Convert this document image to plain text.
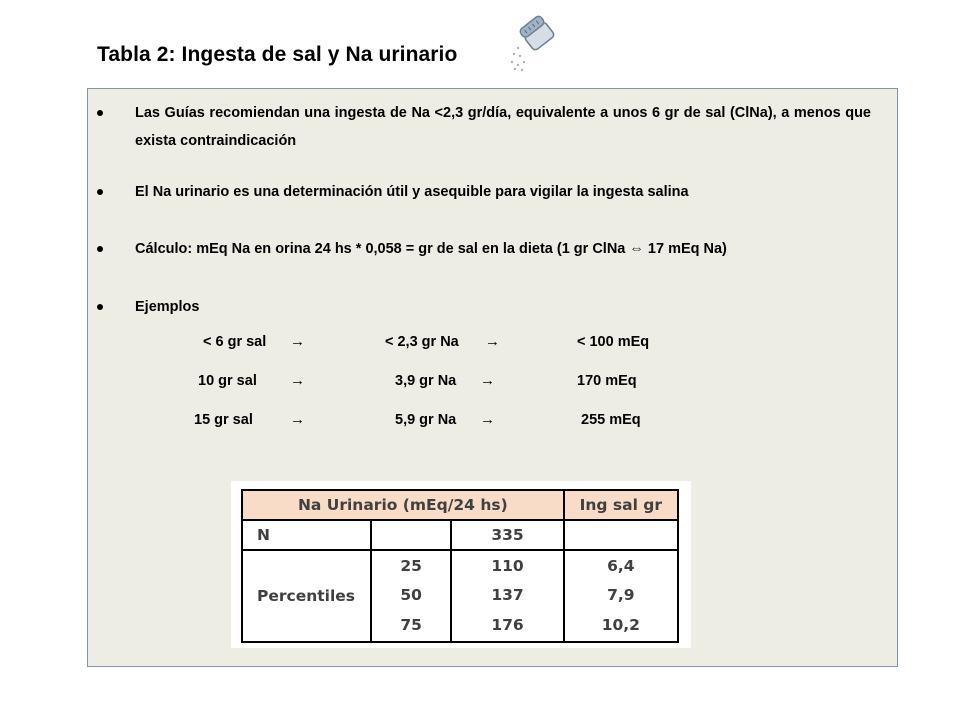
Tabla 2: Ingesta de sal y Na urinario
Las Guías recomiendan una ingesta de Na <2,3 gr/día, equivalente a unos 6 gr de sal (ClNa), a menos que exista contraindicación
El Na urinario es una determinación útil y asequible para vigilar la ingesta salina
Cálculo: mEq Na en orina 24 hs * 0,058 = gr de sal en la dieta (1 gr ClNa ⇔ 17 mEq Na)
Ejemplos
< 6 gr sal →	< 2,3 gr Na →	< 100 mEq
10 gr sal →	3,9 gr Na →	170 mEq
15 gr sal →	5,9 gr Na →	255 mEq
Na Urinario (mEq/24 hs)			Ing sal gr
N		335	
Percentiles	25	110	6,4
	50	137	7,9
	75	176	10,2
